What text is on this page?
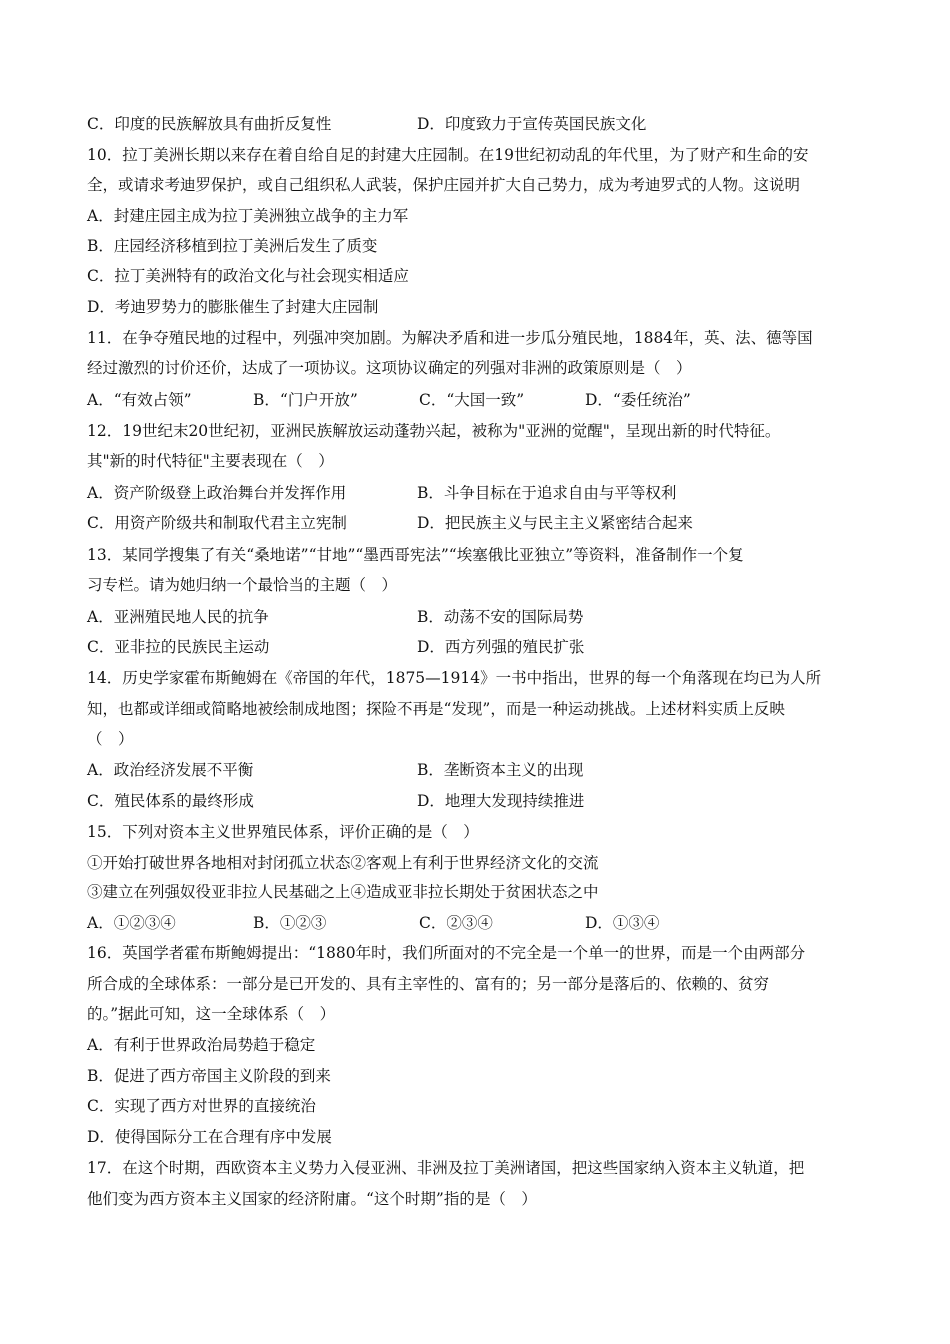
C．印度的民族解放具有曲折反复性	D．印度致力于宣传英国民族文化
10．拉丁美洲长期以来存在着自给自足的封建大庄园制。在19世纪初动乱的年代里，为了财产和生命的安
全，或请求考迪罗保护，或自己组织私人武装，保护庄园并扩大自己势力，成为考迪罗式的人物。这说明
A．封建庄园主成为拉丁美洲独立战争的主力军
B．庄园经济移植到拉丁美洲后发生了质变
C．拉丁美洲特有的政治文化与社会现实相适应
D．考迪罗势力的膨胀催生了封建大庄园制
11．在争夺殖民地的过程中，列强冲突加剧。为解决矛盾和进一步瓜分殖民地，1884年，英、法、德等国
经过激烈的讨价还价，达成了一项协议。这项协议确定的列强对非洲的政策原则是（　）
A．“有效占领”	B．“门户开放”	C．“大国一致”	D．“委任统治”
12．19世纪末20世纪初，亚洲民族解放运动蓬勃兴起，被称为"亚洲的觉醒"，呈现出新的时代特征。
其"新的时代特征"主要表现在（　）
A．资产阶级登上政治舞台并发挥作用	B．斗争目标在于追求自由与平等权利
C．用资产阶级共和制取代君主立宪制	D．把民族主义与民主主义紧密结合起来
13．某同学搜集了有关“桑地诺”“甘地”“墨西哥宪法”“埃塞俄比亚独立”等资料，准备制作一个复
习专栏。请为她归纳一个最恰当的主题（　）
A．亚洲殖民地人民的抗争	B．动荡不安的国际局势
C．亚非拉的民族民主运动	D．西方列强的殖民扩张
14．历史学家霍布斯鲍姆在《帝国的年代，1875—1914》一书中指出，世界的每一个角落现在均已为人所
知，也都或详细或简略地被绘制成地图；探险不再是“发现”，而是一种运动挑战。上述材料实质上反映
（　）
A．政治经济发展不平衡	B．垄断资本主义的出现
C．殖民体系的最终形成	D．地理大发现持续推进
15．下列对资本主义世界殖民体系，评价正确的是（　）
①开始打破世界各地相对封闭孤立状态②客观上有利于世界经济文化的交流
③建立在列强奴役亚非拉人民基础之上④造成亚非拉长期处于贫困状态之中
A．①②③④	B．①②③	C．②③④	D．①③④
16．英国学者霍布斯鲍姆提出：“1880年时，我们所面对的不完全是一个单一的世界，而是一个由两部分
所合成的全球体系：一部分是已开发的、具有主宰性的、富有的；另一部分是落后的、依赖的、贫穷
的。”据此可知，这一全球体系（　）
A．有利于世界政治局势趋于稳定
B．促进了西方帝国主义阶段的到来
C．实现了西方对世界的直接统治
D．使得国际分工在合理有序中发展
17．在这个时期，西欧资本主义势力入侵亚洲、非洲及拉丁美洲诸国，把这些国家纳入资本主义轨道，把
他们变为西方资本主义国家的经济附庸。“这个时期”指的是（　）
